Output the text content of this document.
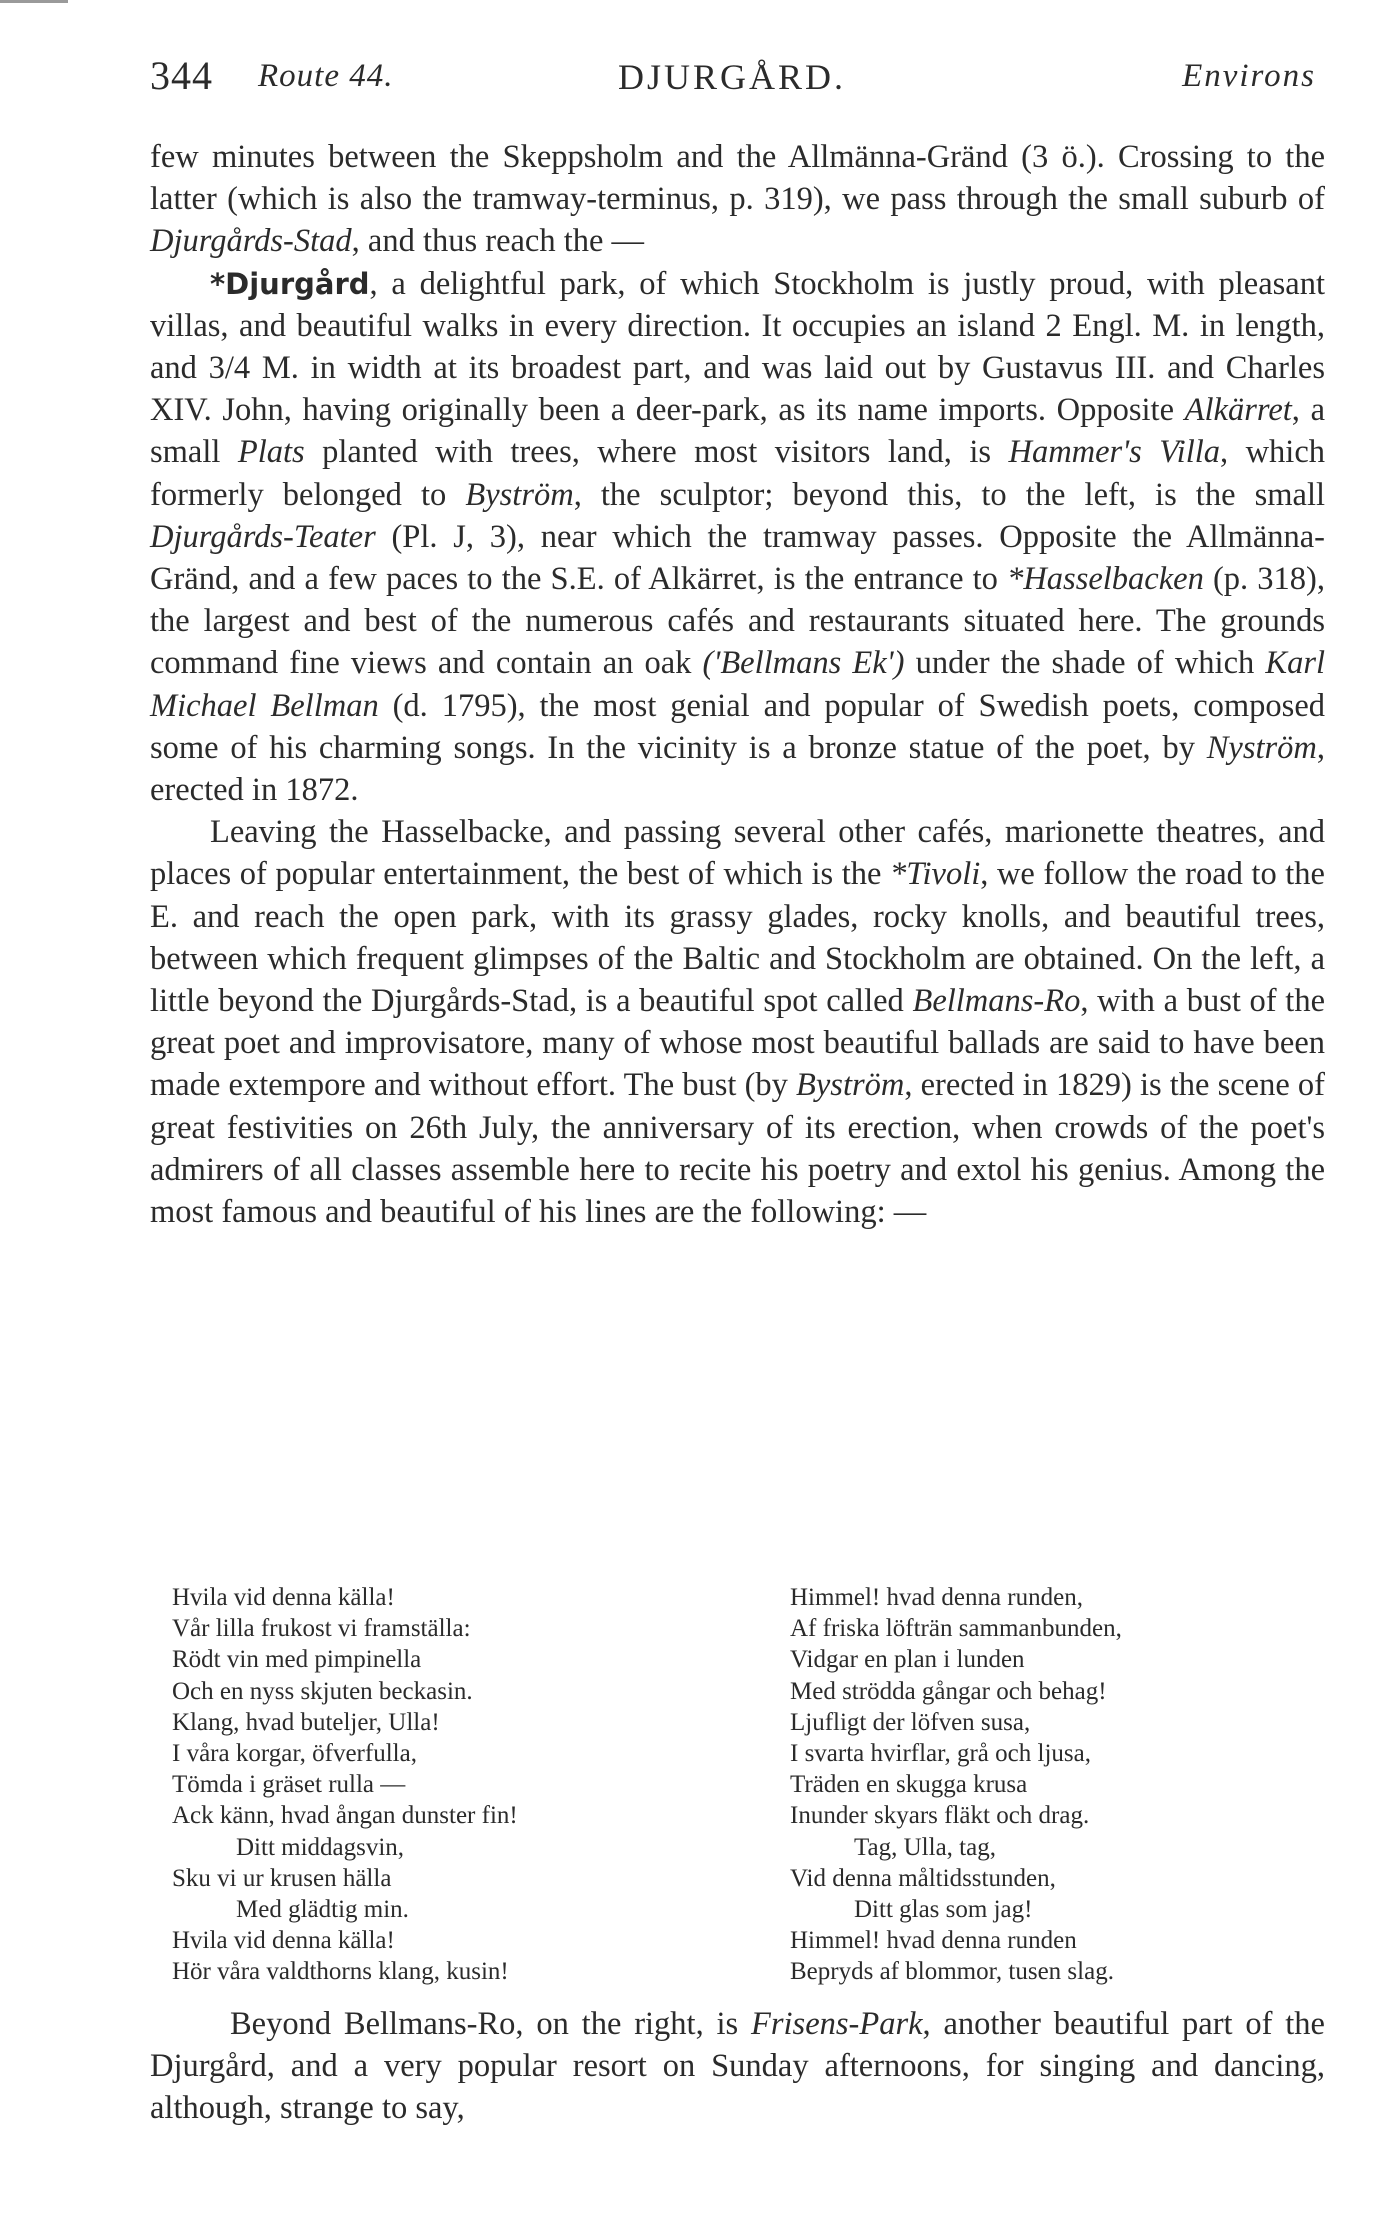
344 Route 44.	DJURGÅRD.	Environs

few minutes between the Skeppsholm and the Allmänna-Gränd (3 ö.). Crossing to the latter (which is also the tramway-terminus, p. 319), we pass through the small suburb of Djurgårds-Stad, and thus reach the —

*Djurgård, a delightful park, of which Stockholm is justly proud, with pleasant villas, and beautiful walks in every direction. It occupies an island 2 Engl. M. in length, and 3/4 M. in width at its broadest part, and was laid out by Gustavus III. and Charles XIV. John, having originally been a deer-park, as its name imports. Opposite Alkärret, a small Plats planted with trees, where most visitors land, is Hammer's Villa, which formerly belonged to Byström, the sculptor; beyond this, to the left, is the small Djurgårds-Teater (Pl. J, 3), near which the tramway passes. Opposite the Allmänna-Gränd, and a few paces to the S.E. of Alkärret, is the entrance to *Hasselbacken (p. 318), the largest and best of the numerous cafés and restaurants situated here. The grounds command fine views and contain an oak ('Bellmans Ek') under the shade of which Karl Michael Bellman (d. 1795), the most genial and popular of Swedish poets, composed some of his charming songs. In the vicinity is a bronze statue of the poet, by Nyström, erected in 1872.

Leaving the Hasselbacke, and passing several other cafés, marionette theatres, and places of popular entertainment, the best of which is the *Tivoli, we follow the road to the E. and reach the open park, with its grassy glades, rocky knolls, and beautiful trees, between which frequent glimpses of the Baltic and Stockholm are obtained. On the left, a little beyond the Djurgårds-Stad, is a beautiful spot called Bellmans-Ro, with a bust of the great poet and improvisatore, many of whose most beautiful ballads are said to have been made extempore and without effort. The bust (by Byström, erected in 1829) is the scene of great festivities on 26th July, the anniversary of its erection, when crowds of the poet's admirers of all classes assemble here to recite his poetry and extol his genius. Among the most famous and beautiful of his lines are the following: —

Hvila vid denna källa!
Vår lilla frukost vi framställa:
Rödt vin med pimpinella
Och en nyss skjuten beckasin.
Klang, hvad buteljer, Ulla!
I våra korgar, öfverfulla,
Tömda i gräset rulla —
Ack känn, hvad ångan dunster fin!
Ditt middagsvin,
Sku vi ur krusen hälla
Med glädtig min.
Hvila vid denna källa!
Hör våra valdthorns klang, kusin!
Himmel! hvad denna runden,
Af friska löfträn sammanbunden,
Vidgar en plan i lunden
Med strödda gångar och behag!
Ljufligt der löfven susa,
I svarta hvirflar, grå och ljusa,
Träden en skugga krusa
Inunder skyars fläkt och drag.
Tag, Ulla, tag,
Vid denna måltidsstunden,
Ditt glas som jag!
Himmel! hvad denna runden
Bepryds af blommor, tusen slag.

Beyond Bellmans-Ro, on the right, is Frisens-Park, another beautiful part of the Djurgård, and a very popular resort on Sunday afternoons, for singing and dancing, although, strange to say,
